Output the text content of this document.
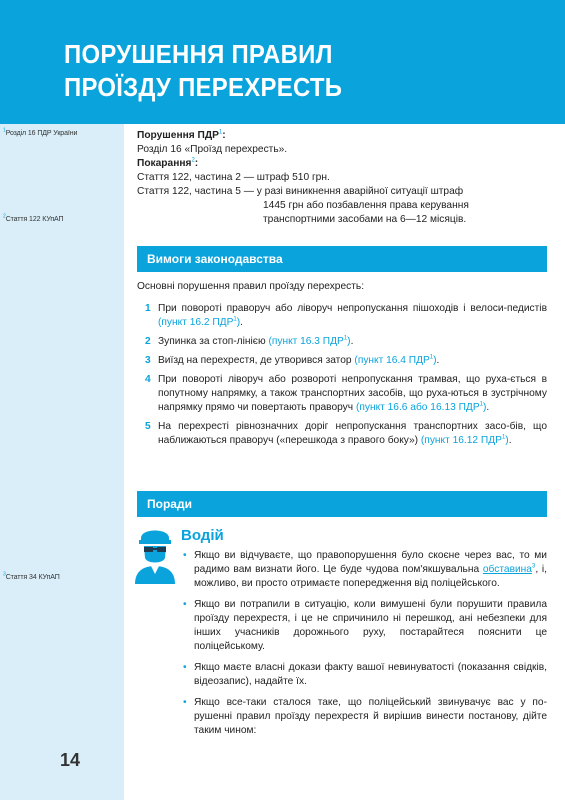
ПОРУШЕННЯ ПРАВИЛ
ПРОЇЗДУ ПЕРЕХРЕСТЬ
$^1$Розділ 16 ПДР України
$^2$Стаття 122 КУпАП
$^3$Стаття 34 КУпАП
14
Порушення ПДР$^1$:
Розділ 16 «Проїзд перехресть».
Покарання$^2$:
Стаття 122, частина 2 — штраф 510 грн.
Стаття 122, частина 5 — у разі виникнення аварійної ситуації штраф
1445 грн або позбавлення права керування
транспортними засобами на 6—12 місяців.
Вимоги законодавства
Основні порушення правил проїзду перехресть:
1 При повороті праворуч або ліворуч непропускання пішоходів і велоси-педистів (пункт 16.2 ПДР$^1$).
2 Зупинка за стоп-лінією (пункт 16.3 ПДР$^1$).
3 Виїзд на перехрестя, де утворився затор (пункт 16.4 ПДР$^1$).
4 При повороті ліворуч або розвороті непропускання трамвая, що руха-ється в попутному напрямку, а також транспортних засобів, що руха-ються в зустрічному напрямку прямо чи повертають праворуч (пункт 16.6 або 16.13 ПДР$^1$).
5 На перехресті рівнозначних доріг непропускання транспортних засо-бів, що наближаються праворуч («перешкода з правого боку») (пункт 16.12 ПДР$^1$).
Поради
Водій
• Якщо ви відчуваєте, що правопорушення було скоєне через вас, то ми радимо вам визнати його. Це буде чудова пом'якшувальна обставина$^3$, і, можливо, ви просто отримаєте попередження від поліцейського.
• Якщо ви потрапили в ситуацію, коли вимушені були порушити правила проїзду перехрестя, і це не спричинило ні перешкод, ані небезпеки для інших учасників дорожнього руху, постарайтеся пояснити це поліцейському.
• Якщо маєте власні докази факту вашої невинуватості (показання свідків, відеозапис), надайте їх.
• Якщо все-таки сталося таке, що поліцейський звинувачує вас у по-рушенні правил проїзду перехрестя й вирішив винести постанову, дійте таким чином:
